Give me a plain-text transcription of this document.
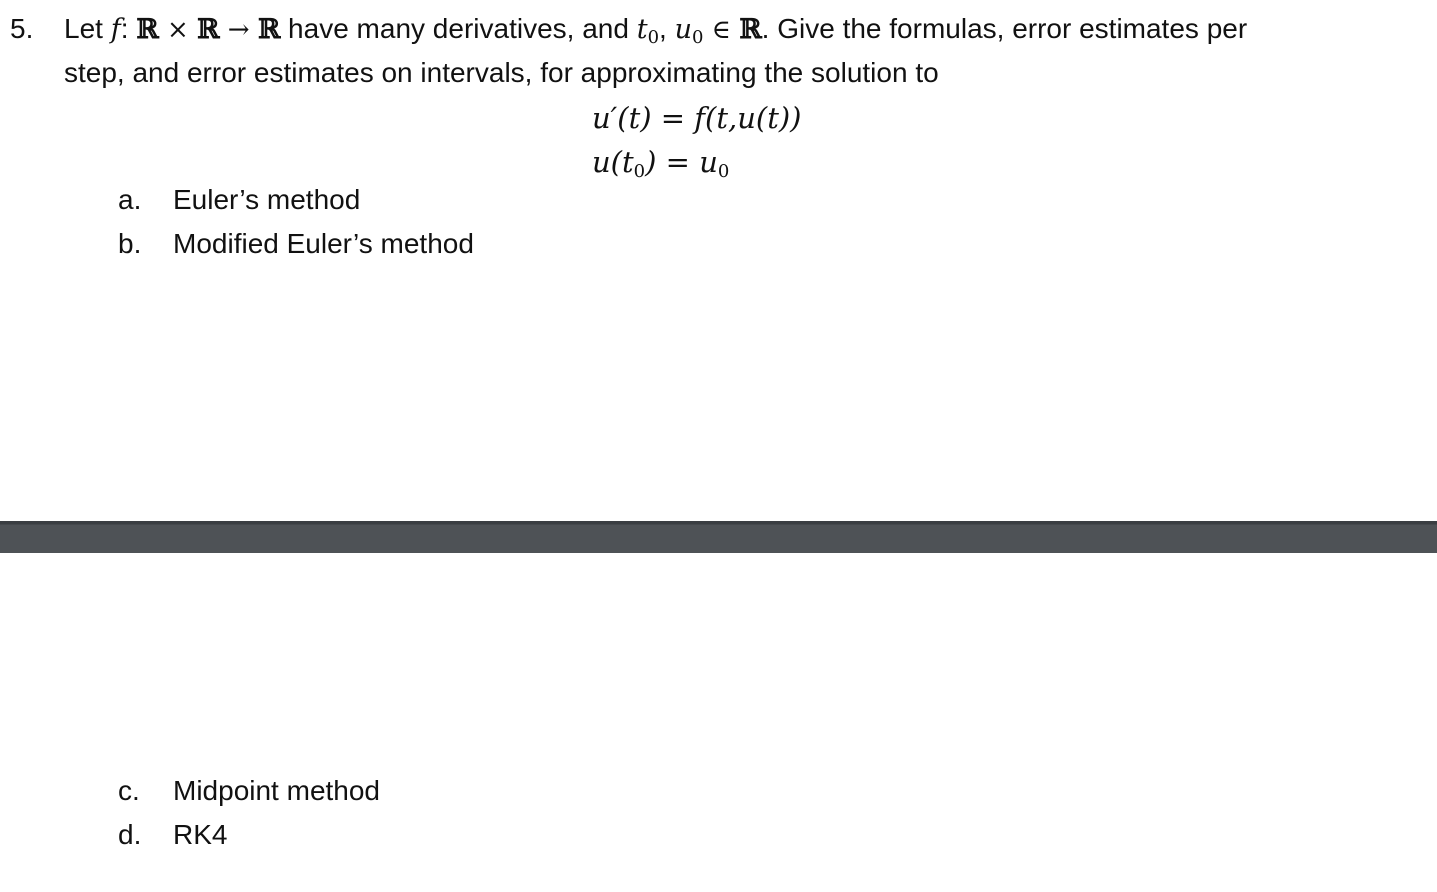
5. Let f: ℝ × ℝ → ℝ have many derivatives, and $t_0$, $u_0$ ∈ ℝ. Give the formulas, error estimates per
step, and error estimates on intervals, for approximating the solution to
u′(t) = f(t,u(t))
$u(t_0) = u_0$
a. Euler’s method
b. Modified Euler’s method
c. Midpoint method
d. RK4
